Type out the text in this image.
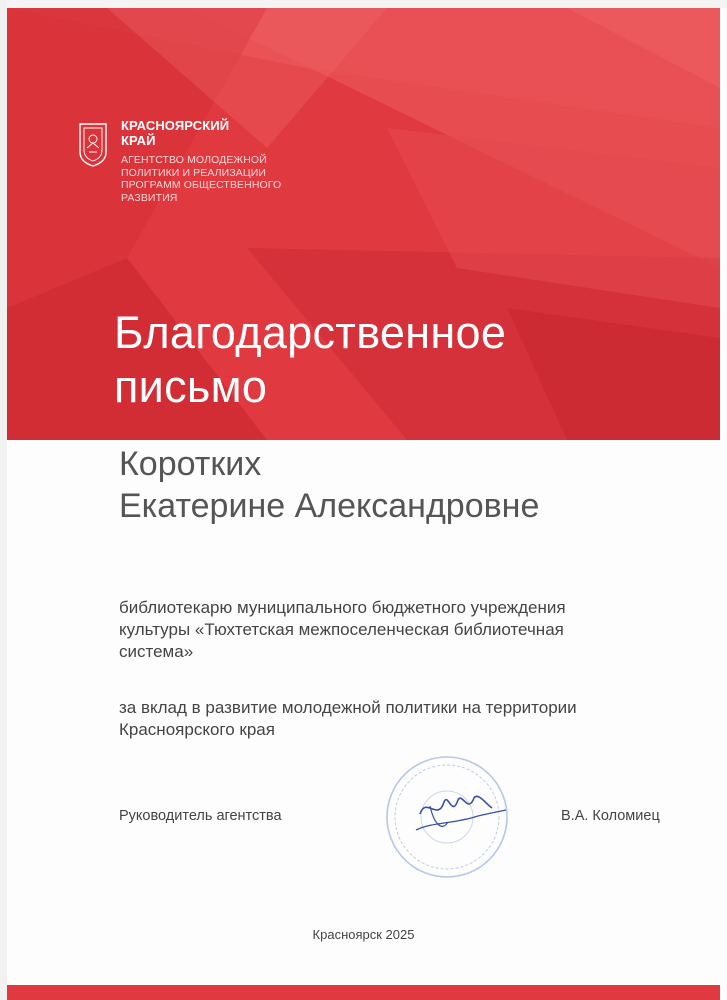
КРАСНОЯРСКИЙ
КРАЙ
АГЕНТСТВО МОЛОДЕЖНОЙ
ПОЛИТИКИ И РЕАЛИЗАЦИИ
ПРОГРАММ ОБЩЕСТВЕННОГО
РАЗВИТИЯ
Благодарственное
письмо
Коротких
Екатерине Александровне
библиотекарю муниципального бюджетного учреждения
культуры «Тюхтетская межпоселенческая библиотечная
система»
за вклад в развитие молодежной политики на территории
Красноярского края
Руководитель агентства	В.А. Коломиец
Красноярск 2025
